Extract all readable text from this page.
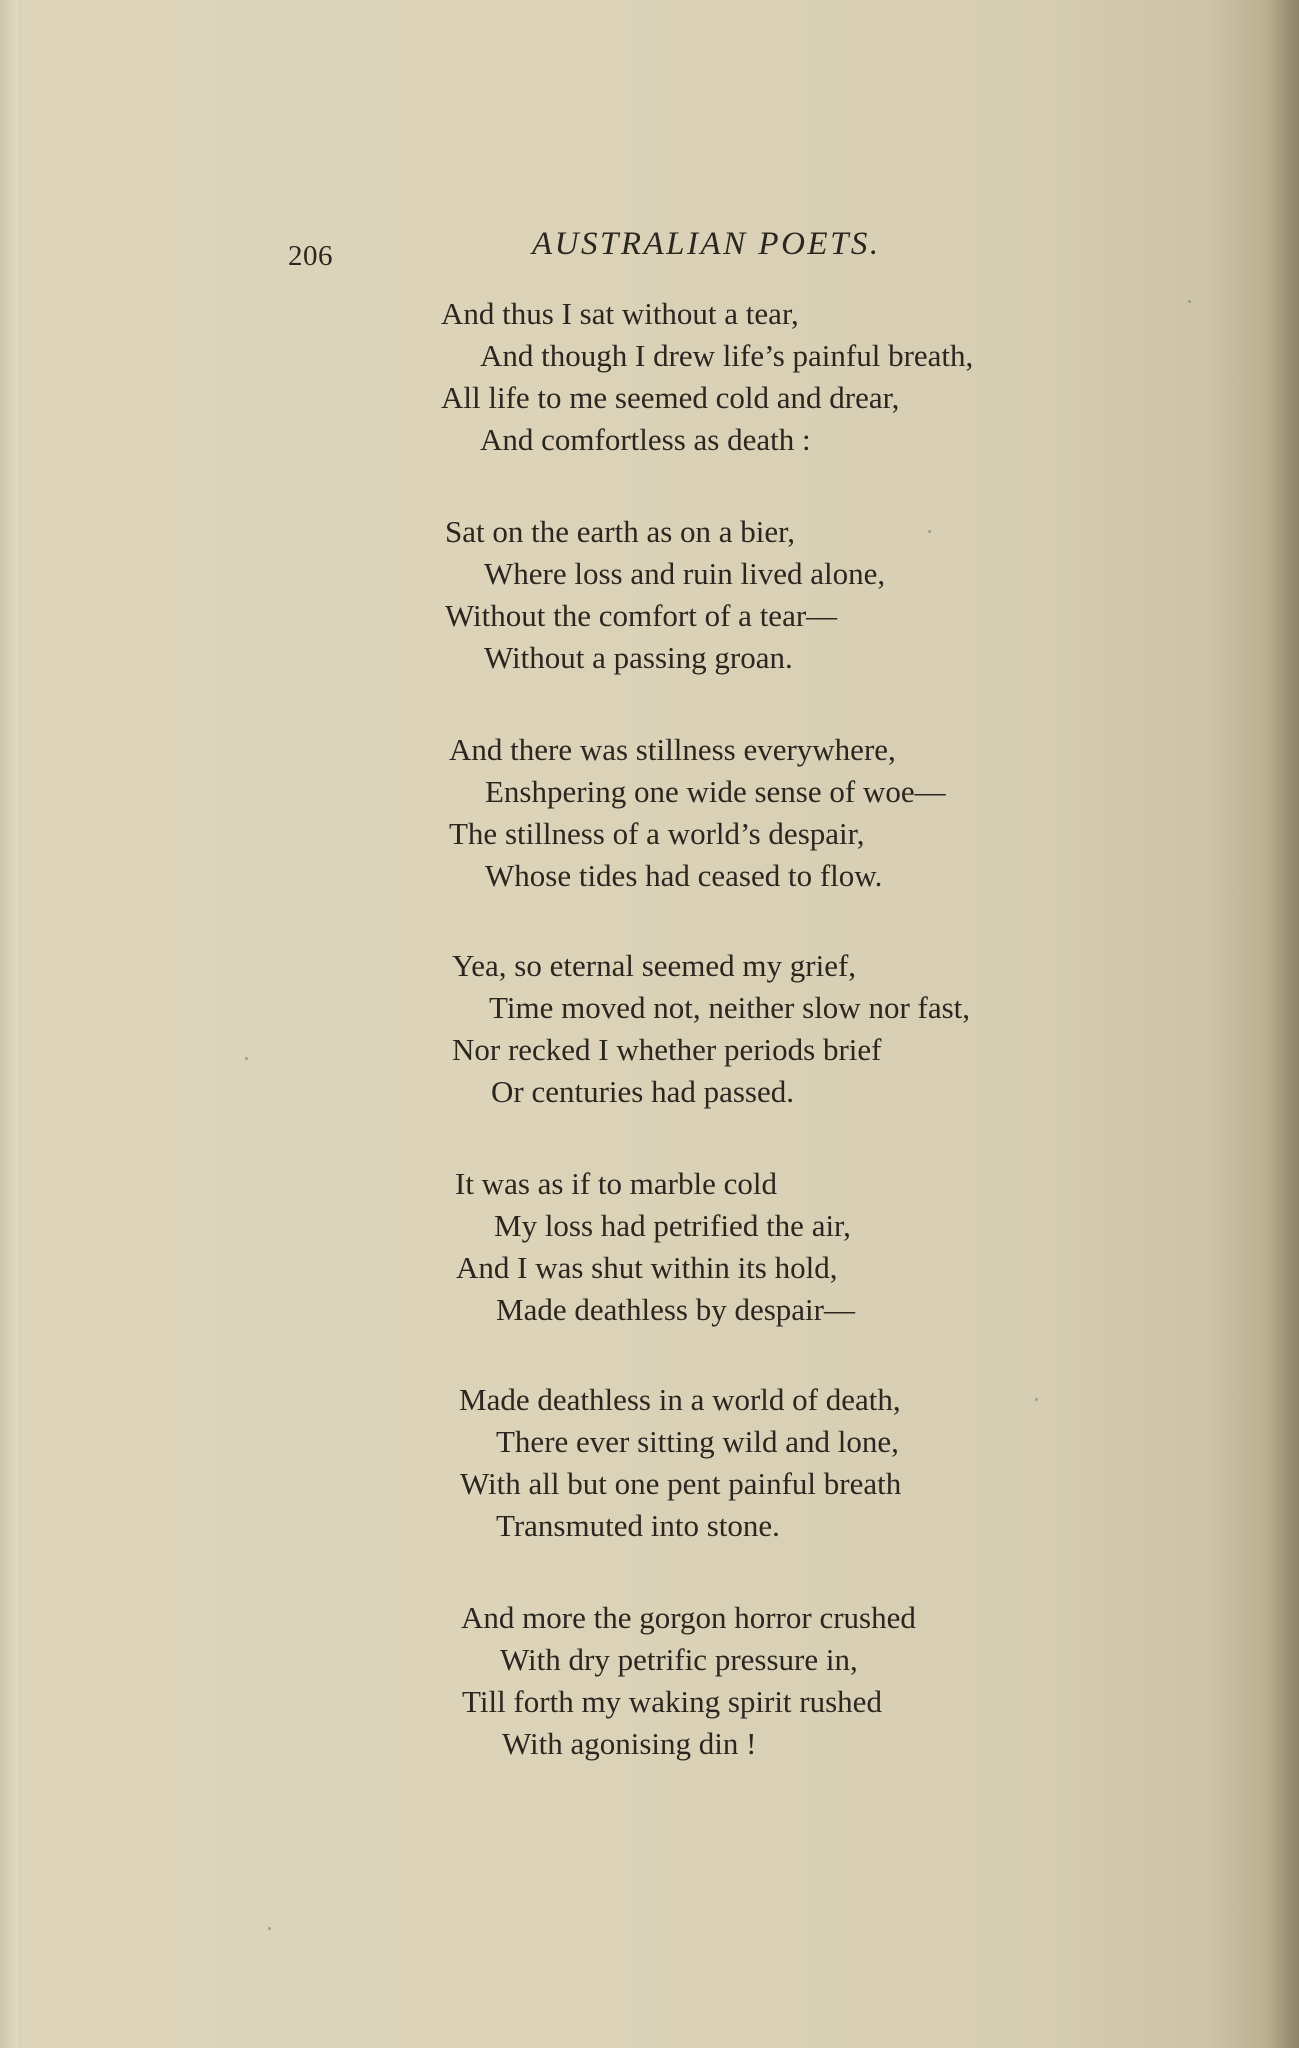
206	AUSTRALIAN POETS.
And thus I sat without a tear,
And though I drew life’s painful breath,
All life to me seemed cold and drear,
And comfortless as death :
Sat on the earth as on a bier,
Where loss and ruin lived alone,
Without the comfort of a tear—
Without a passing groan.
And there was stillness everywhere,
Enshpering one wide sense of woe—
The stillness of a world’s despair,
Whose tides had ceased to flow.
Yea, so eternal seemed my grief,
Time moved not, neither slow nor fast,
Nor recked I whether periods brief
Or centuries had passed.
It was as if to marble cold
My loss had petrified the air,
And I was shut within its hold,
Made deathless by despair—
Made deathless in a world of death,
There ever sitting wild and lone,
With all but one pent painful breath
Transmuted into stone.
And more the gorgon horror crushed
With dry petrific pressure in,
Till forth my waking spirit rushed
With agonising din !
